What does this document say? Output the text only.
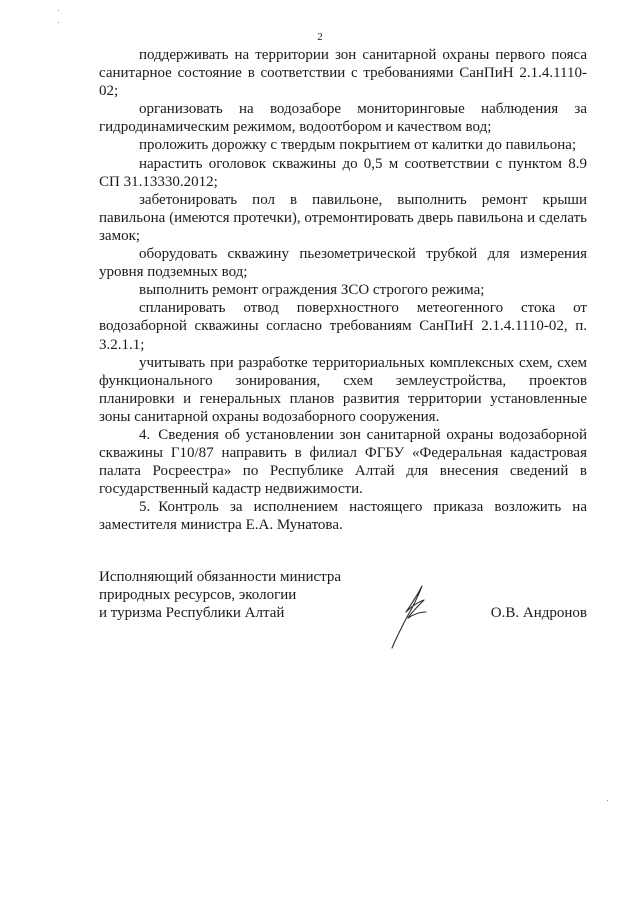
2

поддерживать на территории зон санитарной охраны первого пояса санитарное состояние в соответствии с требованиями СанПиН 2.1.4.1110-02;

организовать на водозаборе мониторинговые наблюдения за гидродинамическим режимом, водоотбором и качеством вод;

проложить дорожку с твердым покрытием от калитки до павильона;

нарастить оголовок скважины до 0,5 м соответствии с пунктом 8.9 СП 31.13330.2012;

забетонировать пол в павильоне, выполнить ремонт крыши павильона (имеются протечки), отремонтировать дверь павильона и сделать замок;

оборудовать скважину пьезометрической трубкой для измерения уровня подземных вод;

выполнить ремонт ограждения ЗСО строгого режима;

спланировать отвод поверхностного метеогенного стока от водозаборной скважины согласно требованиям СанПиН 2.1.4.1110-02, п. 3.2.1.1;

учитывать при разработке территориальных комплексных схем, схем функционального зонирования, схем землеустройства, проектов планировки и генеральных планов развития территории установленные зоны санитарной охраны водозаборного сооружения.

4. Сведения об установлении зон санитарной охраны водозаборной скважины Г10/87 направить в филиал ФГБУ «Федеральная кадастровая палата Росреестра» по Республике Алтай для внесения сведений в государственный кадастр недвижимости.

5. Контроль за исполнением настоящего приказа возложить на заместителя министра Е.А. Мунатова.

Исполняющий обязанности министра
природных ресурсов, экологии
и туризма Республики Алтай	О.В. Андронов
